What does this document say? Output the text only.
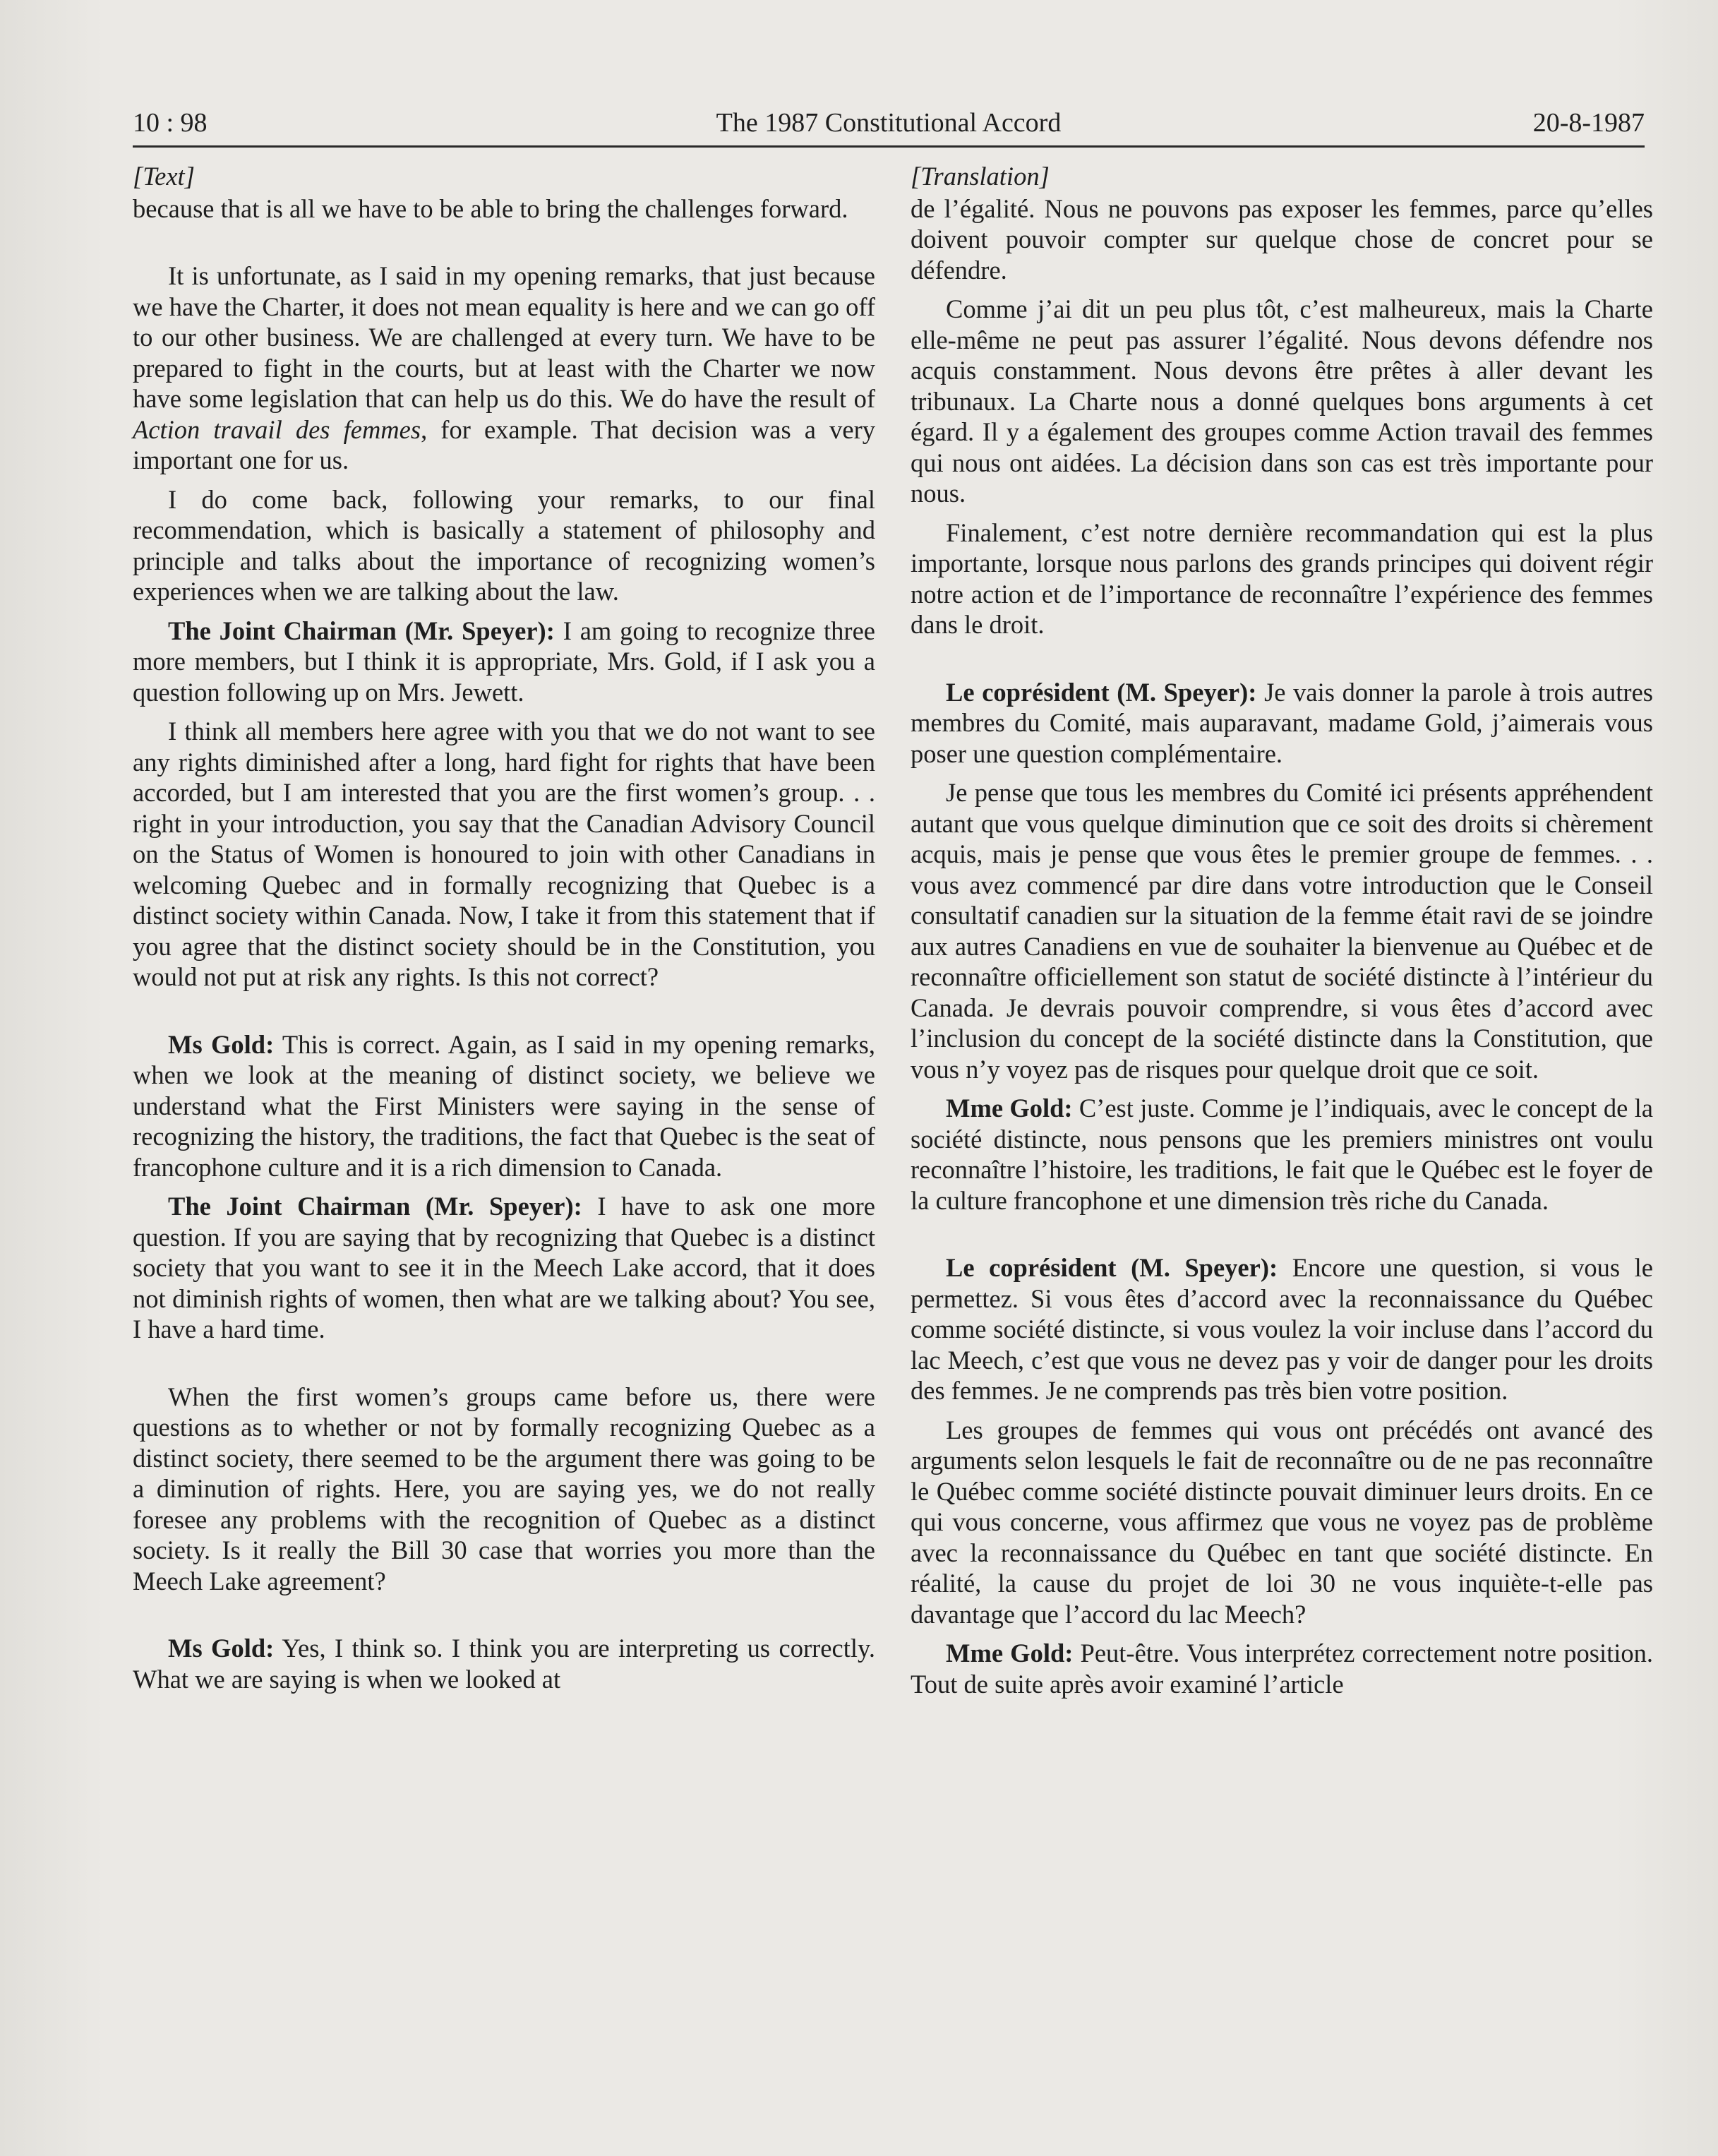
10 : 98	The 1987 Constitutional Accord	20-8-1987
[Text]

because that is all we have to be able to bring the challenges forward.

It is unfortunate, as I said in my opening remarks, that just because we have the Charter, it does not mean equality is here and we can go off to our other business. We are challenged at every turn. We have to be prepared to fight in the courts, but at least with the Charter we now have some legislation that can help us do this. We do have the result of Action travail des femmes, for example. That decision was a very important one for us.

I do come back, following your remarks, to our final recommendation, which is basically a statement of philosophy and principle and talks about the importance of recognizing women’s experiences when we are talking about the law.

The Joint Chairman (Mr. Speyer): I am going to recognize three more members, but I think it is appropriate, Mrs. Gold, if I ask you a question following up on Mrs. Jewett.

I think all members here agree with you that we do not want to see any rights diminished after a long, hard fight for rights that have been accorded, but I am interested that you are the first women’s group. . . right in your introduction, you say that the Canadian Advisory Council on the Status of Women is honoured to join with other Canadians in welcoming Quebec and in formally recognizing that Quebec is a distinct society within Canada. Now, I take it from this statement that if you agree that the distinct society should be in the Constitution, you would not put at risk any rights. Is this not correct?

Ms Gold: This is correct. Again, as I said in my opening remarks, when we look at the meaning of distinct society, we believe we understand what the First Ministers were saying in the sense of recognizing the history, the traditions, the fact that Quebec is the seat of francophone culture and it is a rich dimension to Canada.

The Joint Chairman (Mr. Speyer): I have to ask one more question. If you are saying that by recognizing that Quebec is a distinct society that you want to see it in the Meech Lake accord, that it does not diminish rights of women, then what are we talking about? You see, I have a hard time.

When the first women’s groups came before us, there were questions as to whether or not by formally recognizing Quebec as a distinct society, there seemed to be the argument there was going to be a diminution of rights. Here, you are saying yes, we do not really foresee any problems with the recognition of Quebec as a distinct society. Is it really the Bill 30 case that worries you more than the Meech Lake agreement?

Ms Gold: Yes, I think so. I think you are interpreting us correctly. What we are saying is when we looked at

[Translation]

de l’égalité. Nous ne pouvons pas exposer les femmes, parce qu’elles doivent pouvoir compter sur quelque chose de concret pour se défendre.

Comme j’ai dit un peu plus tôt, c’est malheureux, mais la Charte elle-même ne peut pas assurer l’égalité. Nous devons défendre nos acquis constamment. Nous devons être prêtes à aller devant les tribunaux. La Charte nous a donné quelques bons arguments à cet égard. Il y a également des groupes comme Action travail des femmes qui nous ont aidées. La décision dans son cas est très importante pour nous.

Finalement, c’est notre dernière recommandation qui est la plus importante, lorsque nous parlons des grands principes qui doivent régir notre action et de l’importance de reconnaître l’expérience des femmes dans le droit.

Le coprésident (M. Speyer): Je vais donner la parole à trois autres membres du Comité, mais auparavant, madame Gold, j’aimerais vous poser une question complémentaire.

Je pense que tous les membres du Comité ici présents appréhendent autant que vous quelque diminution que ce soit des droits si chèrement acquis, mais je pense que vous êtes le premier groupe de femmes. . . vous avez commencé par dire dans votre introduction que le Conseil consultatif canadien sur la situation de la femme était ravi de se joindre aux autres Canadiens en vue de souhaiter la bienvenue au Québec et de reconnaître officiellement son statut de société distincte à l’intérieur du Canada. Je devrais pouvoir comprendre, si vous êtes d’accord avec l’inclusion du concept de la société distincte dans la Constitution, que vous n’y voyez pas de risques pour quelque droit que ce soit.

Mme Gold: C’est juste. Comme je l’indiquais, avec le concept de la société distincte, nous pensons que les premiers ministres ont voulu reconnaître l’histoire, les traditions, le fait que le Québec est le foyer de la culture francophone et une dimension très riche du Canada.

Le coprésident (M. Speyer): Encore une question, si vous le permettez. Si vous êtes d’accord avec la reconnaissance du Québec comme société distincte, si vous voulez la voir incluse dans l’accord du lac Meech, c’est que vous ne devez pas y voir de danger pour les droits des femmes. Je ne comprends pas très bien votre position.

Les groupes de femmes qui vous ont précédés ont avancé des arguments selon lesquels le fait de reconnaître ou de ne pas reconnaître le Québec comme société distincte pouvait diminuer leurs droits. En ce qui vous concerne, vous affirmez que vous ne voyez pas de problème avec la reconnaissance du Québec en tant que société distincte. En réalité, la cause du projet de loi 30 ne vous inquiète-t-elle pas davantage que l’accord du lac Meech?

Mme Gold: Peut-être. Vous interprétez correctement notre position. Tout de suite après avoir examiné l’article
